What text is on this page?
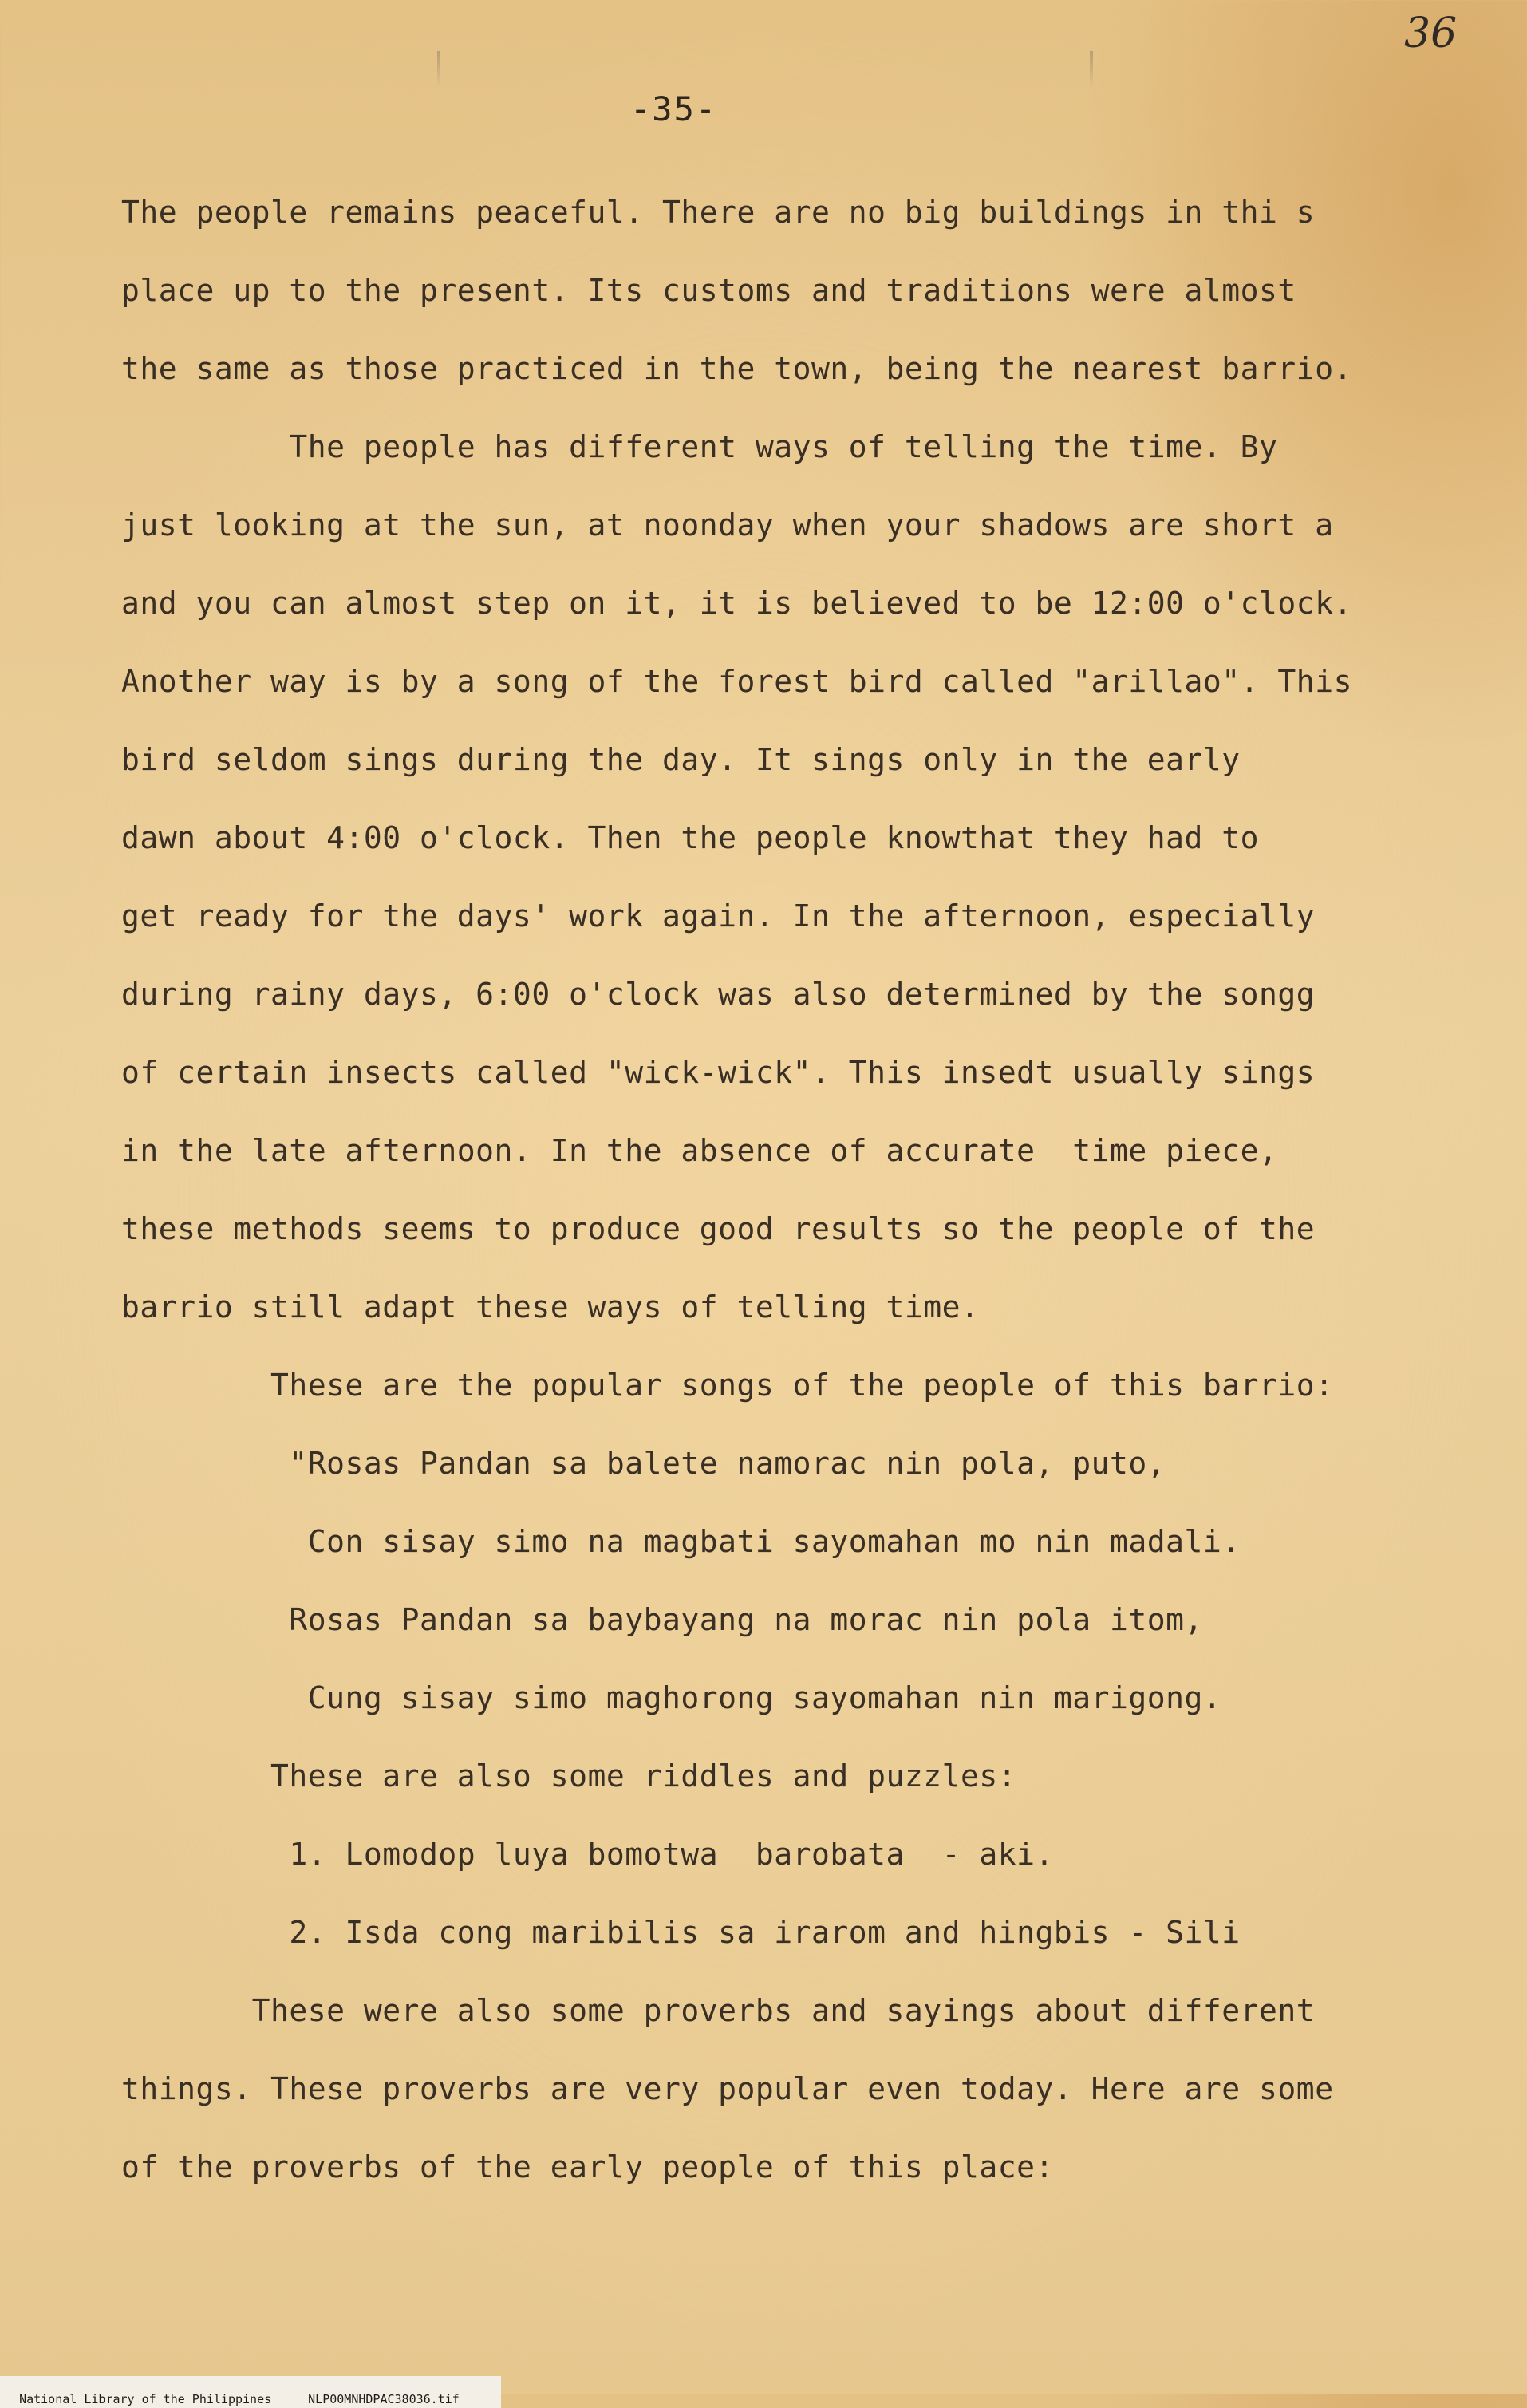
36
-35-
The people remains peaceful. There are no big buildings in thi s
place up to the present. Its customs and traditions were almost
the same as those practiced in the town, being the nearest barrio.
The people has different ways of telling the time. By
just looking at the sun, at noonday when your shadows are short a
and you can almost step on it, it is believed to be 12:00 o'clock.
Another way is by a song of the forest bird called "arillao". This
bird seldom sings during the day. It sings only in the early
dawn about 4:00 o'clock. Then the people knowthat they had to
get ready for the days' work again. In the afternoon, especially
during rainy days, 6:00 o'clock was also determined by the songg
of certain insects called "wick-wick". This insedt usually sings
in the late afternoon. In the absence of accurate  time piece,
these methods seems to produce good results so the people of the
barrio still adapt these ways of telling time.
These are the popular songs of the people of this barrio:
"Rosas Pandan sa balete namorac nin pola, puto,
Con sisay simo na magbati sayomahan mo nin madali.
Rosas Pandan sa baybayang na morac nin pola itom,
Cung sisay simo maghorong sayomahan nin marigong.
These are also some riddles and puzzles:
1. Lomodop luya bomotwa  barobata  - aki.
2. Isda cong maribilis sa irarom and hingbis - Sili
These were also some proverbs and sayings about different
things. These proverbs are very popular even today. Here are some
of the proverbs of the early people of this place:

National Library of the Philippines	NLP00MNHDPAC38036.tif
